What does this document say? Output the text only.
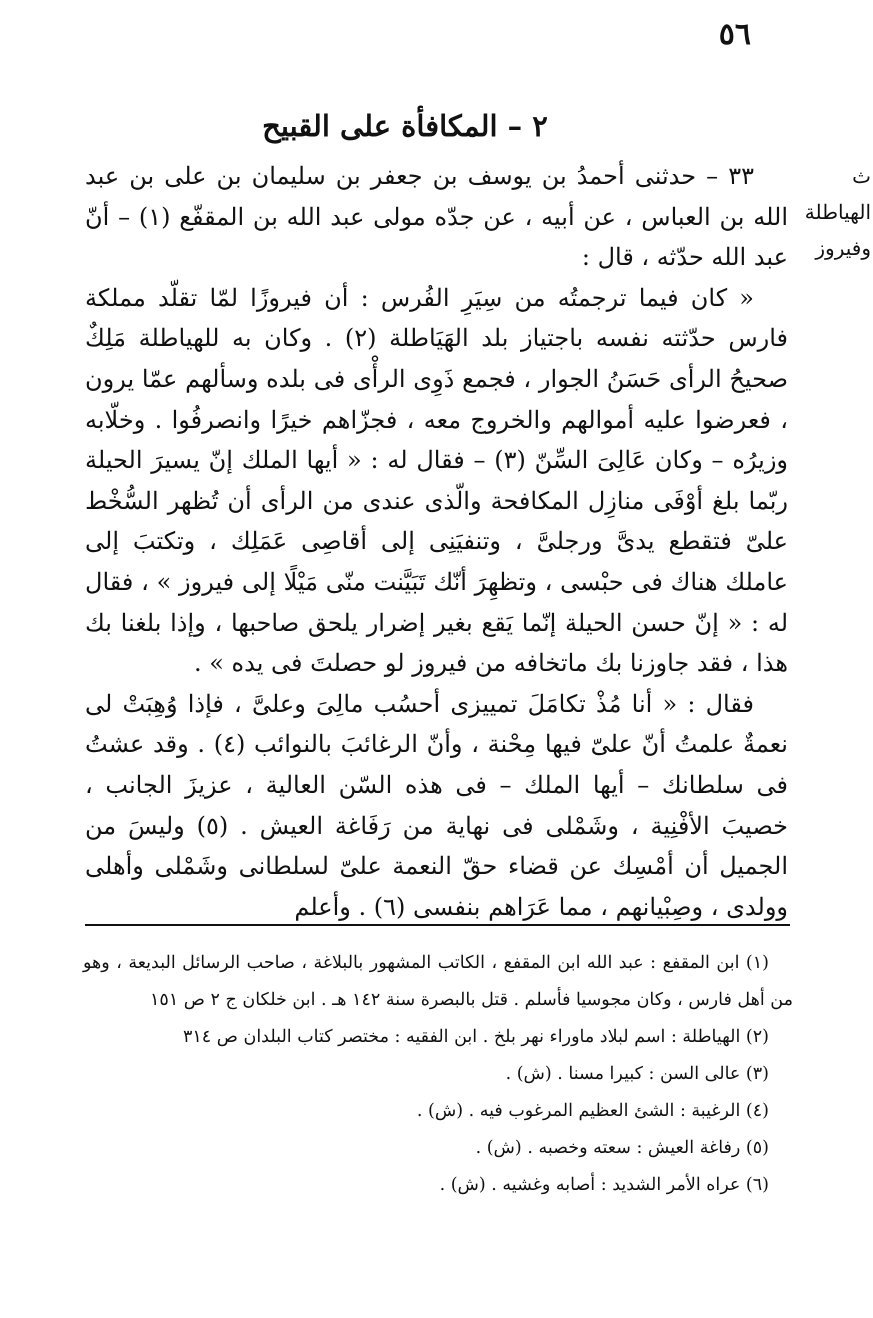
٥٦
٢ – المكافأة على القبيح
ث الهياطلة
وفيروز

٣٣ – حدثنى أحمدُ بن يوسف بن جعفر بن سليمان بن على بن عبد الله بن العباس ، عن أبيه ، عن جدّه مولى عبد الله بن المقفّع (١) – أنّ عبد الله حدّثه ، قال :

« كان فيما ترجمتُه من سِيَرِ الفُرس : أن فيروزًا لمّا تقلّد مملكة فارس حدّثته نفسه باجتياز بلد الهَيَاطلة (٢) . وكان به للهياطلة مَلِكٌ صحيحُ الرأى حَسَنُ الجوار ، فجمع ذَوِى الرأْى فى بلده وسألهم عمّا يرون ، فعرضوا عليه أموالهم والخروج معه ، فجزّاهم خيرًا وانصرفُوا . وخلّابه وزيرُه – وكان عَالِىَ السِّنّ (٣) – فقال له : « أيها الملك إنّ يسيرَ الحيلة ربّما بلغ أوْفَى منازِل المكافحة والّذى عندى من الرأى أن تُظهر السُّخْط علىّ فتقطع يدىَّ ورجلىَّ ، وتنفيَنِى إلى أقاصِى عَمَلِك ، وتكتبَ إلى عاملك هناك فى حبْسى ، وتظهِرَ أنّك تَبَيَّنت منّى مَيْلًا إلى فيروز » ، فقال له : « إنّ حسن الحيلة إنّما يَقع بغير إضرار يلحق صاحبها ، وإذا بلغنا بك هذا ، فقد جاوزنا بك ماتخافه من فيروز لو حصلتَ فى يده » .

فقال : « أنا مُذْ تكامَلَ تمييزى أحسُب مالِىَ وعلىَّ ، فإذا وُهِبَتْ لى نعمةٌ علمتُ أنّ علىّ فيها مِحْنة ، وأنّ الرغائبَ بالنوائب (٤) . وقد عشتُ فى سلطانك – أيها الملك – فى هذه السّن العالية ، عزيزَ الجانب ، خصيبَ الأفْنِية ، وشَمْلى فى نهاية من رَفَاغة العيش . (٥) وليسَ من الجميل أن أمْسِك عن قضاء حقّ النعمة علىّ لسلطانى وشَمْلى وأهلى وولدى ، وصِبْيانهم ، مما عَرَاهم بنفسى (٦) . وأعلم

(١) ابن المقفع : عبد الله ابن المقفع ، الكاتب المشهور بالبلاغة ، صاحب الرسائل البديعة ، وهو من أهل فارس ، وكان مجوسيا فأسلم . قتل بالبصرة سنة ١٤٢ هـ . ابن خلكان ج ٢ ص ١٥١

(٢) الهياطلة : اسم لبلاد ماوراء نهر بلخ . ابن الفقيه : مختصر كتاب البلدان ص ٣١٤

(٣) عالى السن : كبيرا مسنا . (ش) .

(٤) الرغيبة : الشئ العظيم المرغوب فيه . (ش) .

(٥) رفاغة العيش : سعته وخصبه . (ش) .

(٦) عراه الأمر الشديد : أصابه وغشيه . (ش) .
